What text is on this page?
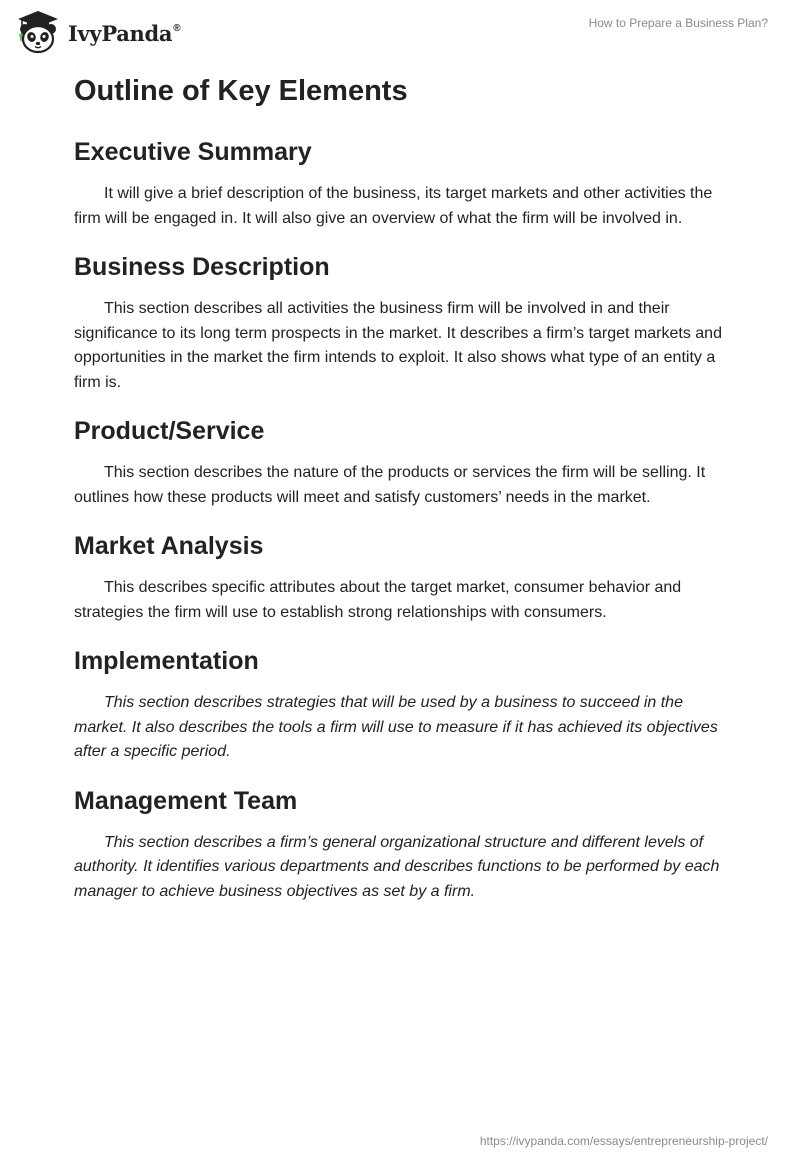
IvyPanda®	How to Prepare a Business Plan?
Outline of Key Elements
Executive Summary

It will give a brief description of the business, its target markets and other activities the firm will be engaged in. It will also give an overview of what the firm will be involved in.

Business Description

This section describes all activities the business firm will be involved in and their significance to its long term prospects in the market. It describes a firm’s target markets and opportunities in the market the firm intends to exploit. It also shows what type of an entity a firm is.

Product/Service

This section describes the nature of the products or services the firm will be selling. It outlines how these products will meet and satisfy customers’ needs in the market.

Market Analysis

This describes specific attributes about the target market, consumer behavior and strategies the firm will use to establish strong relationships with consumers.

Implementation

This section describes strategies that will be used by a business to succeed in the market. It also describes the tools a firm will use to measure if it has achieved its objectives after a specific period.

Management Team

This section describes a firm’s general organizational structure and different levels of authority. It identifies various departments and describes functions to be performed by each manager to achieve business objectives as set by a firm.

https://ivypanda.com/essays/entrepreneurship-project/
